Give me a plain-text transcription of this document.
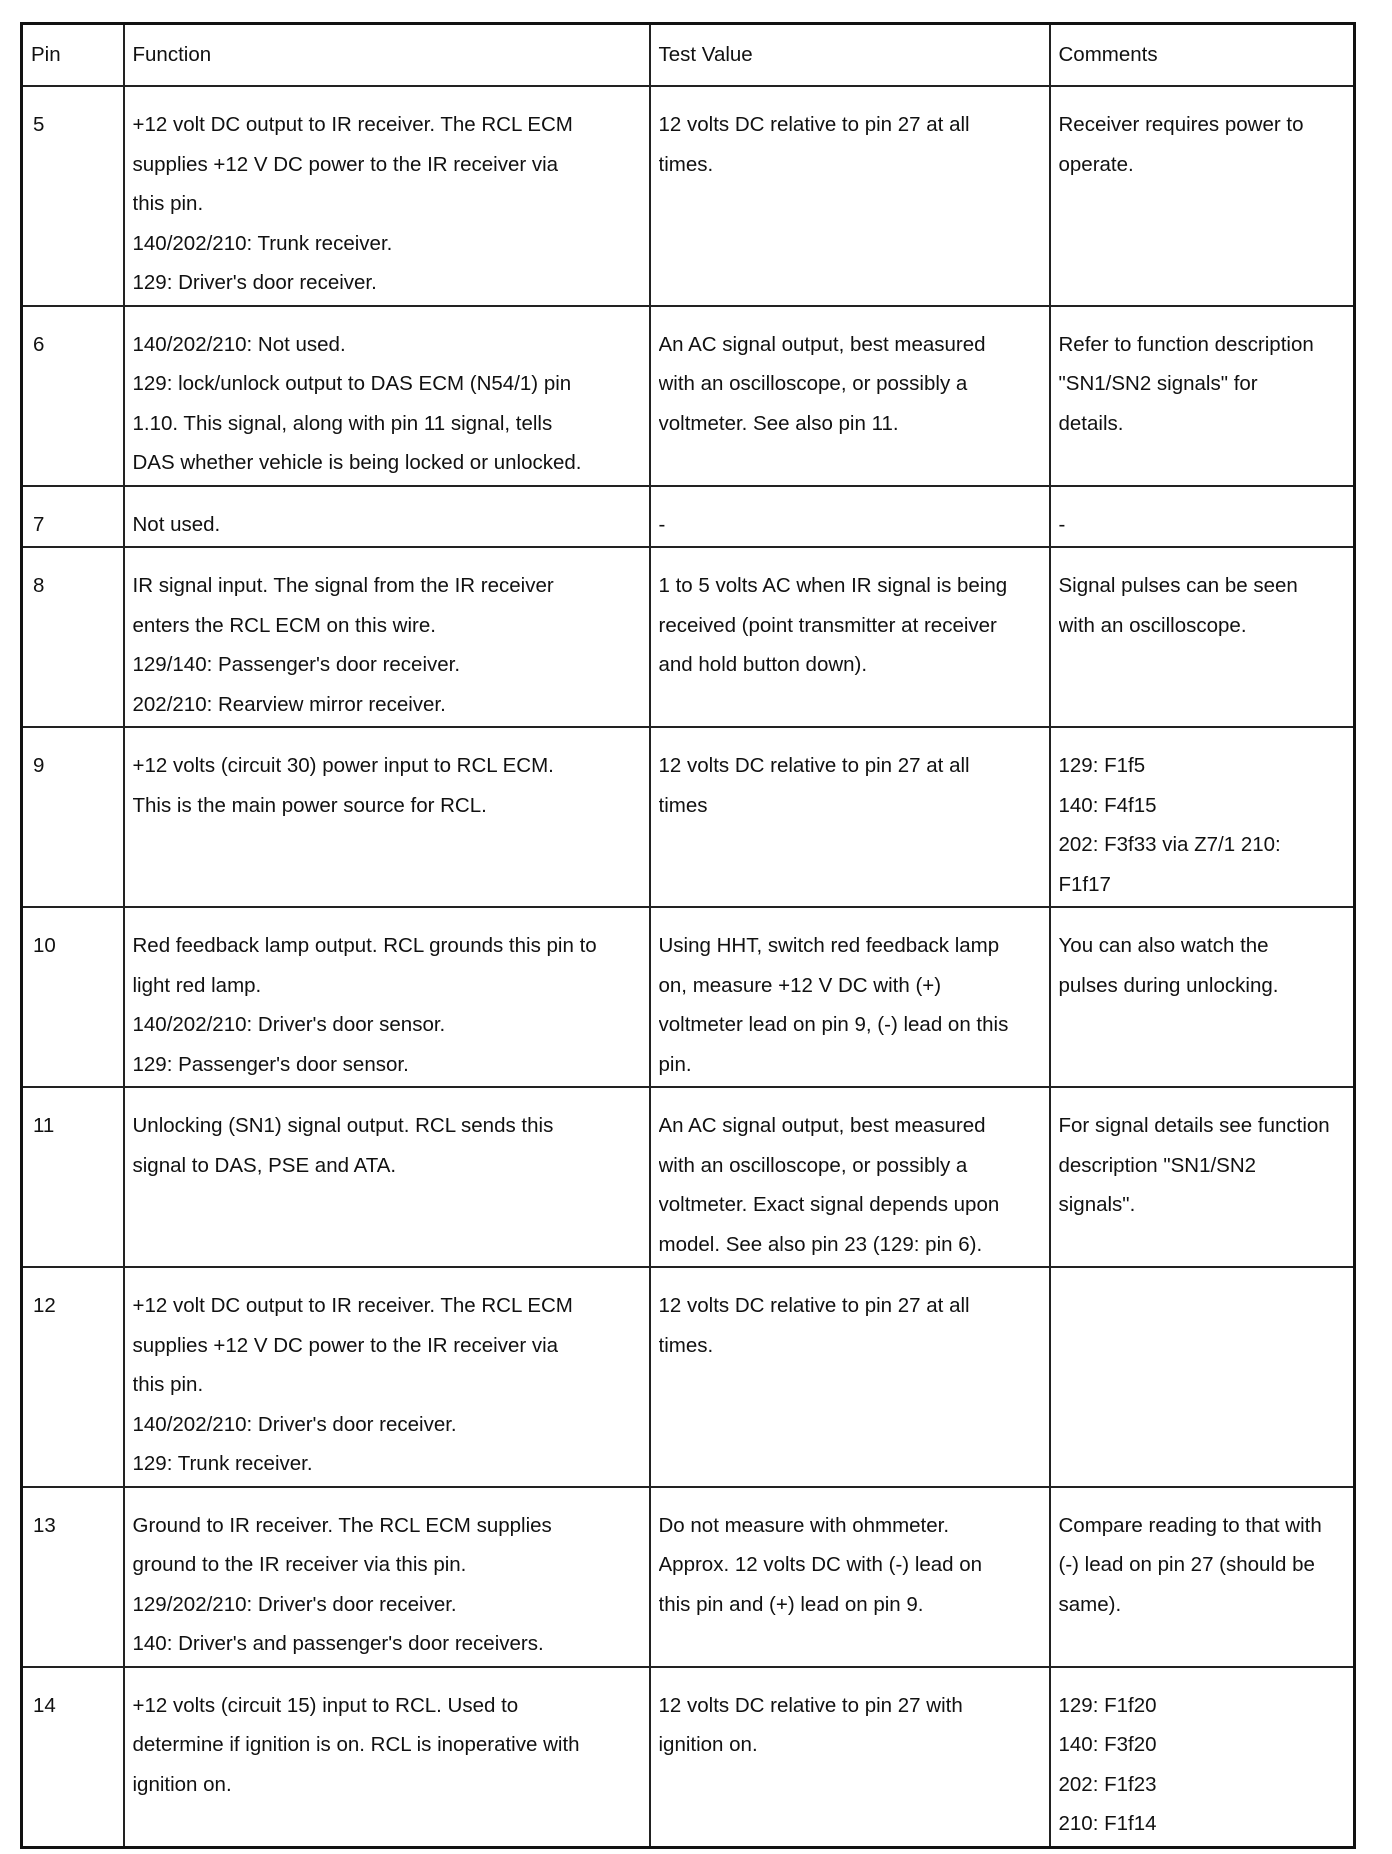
Pin	Function	Test Value	Comments
5	+12 volt DC output to IR receiver. The RCL ECM
supplies +12 V DC power to the IR receiver via
this pin.
140/202/210: Trunk receiver.
129: Driver's door receiver.	12 volts DC relative to pin 27 at all
times.	Receiver requires power to
operate.

6	140/202/210: Not used.
129: lock/unlock output to DAS ECM (N54/1) pin
1.10. This signal, along with pin 11 signal, tells
DAS whether vehicle is being locked or unlocked.	An AC signal output, best measured
with an oscilloscope, or possibly a
voltmeter. See also pin 11.	Refer to function description
"SN1/SN2 signals" for
details.

7	Not used.	-	-

8	IR signal input. The signal from the IR receiver
enters the RCL ECM on this wire.
129/140: Passenger's door receiver.
202/210: Rearview mirror receiver.	1 to 5 volts AC when IR signal is being
received (point transmitter at receiver
and hold button down).	Signal pulses can be seen
with an oscilloscope.

9	+12 volts (circuit 30) power input to RCL ECM.
This is the main power source for RCL.	12 volts DC relative to pin 27 at all
times	129: F1f5
140: F4f15
202: F3f33 via Z7/1 210:
F1f17

10	Red feedback lamp output. RCL grounds this pin to
light red lamp.
140/202/210: Driver's door sensor.
129: Passenger's door sensor.	Using HHT, switch red feedback lamp
on, measure +12 V DC with (+)
voltmeter lead on pin 9, (-) lead on this
pin.	You can also watch the
pulses during unlocking.

11	Unlocking (SN1) signal output. RCL sends this
signal to DAS, PSE and ATA.	An AC signal output, best measured
with an oscilloscope, or possibly a
voltmeter. Exact signal depends upon
model. See also pin 23 (129: pin 6).	For signal details see function
description "SN1/SN2
signals".

12	+12 volt DC output to IR receiver. The RCL ECM
supplies +12 V DC power to the IR receiver via
this pin.
140/202/210: Driver's door receiver.
129: Trunk receiver.	12 volts DC relative to pin 27 at all
times.	

13	Ground to IR receiver. The RCL ECM supplies
ground to the IR receiver via this pin.
129/202/210: Driver's door receiver.
140: Driver's and passenger's door receivers.	Do not measure with ohmmeter.
Approx. 12 volts DC with (-) lead on
this pin and (+) lead on pin 9.	Compare reading to that with
(-) lead on pin 27 (should be
same).

14	+12 volts (circuit 15) input to RCL. Used to
determine if ignition is on. RCL is inoperative with
ignition on.	12 volts DC relative to pin 27 with
ignition on.	129: F1f20
140: F3f20
202: F1f23
210: F1f14
